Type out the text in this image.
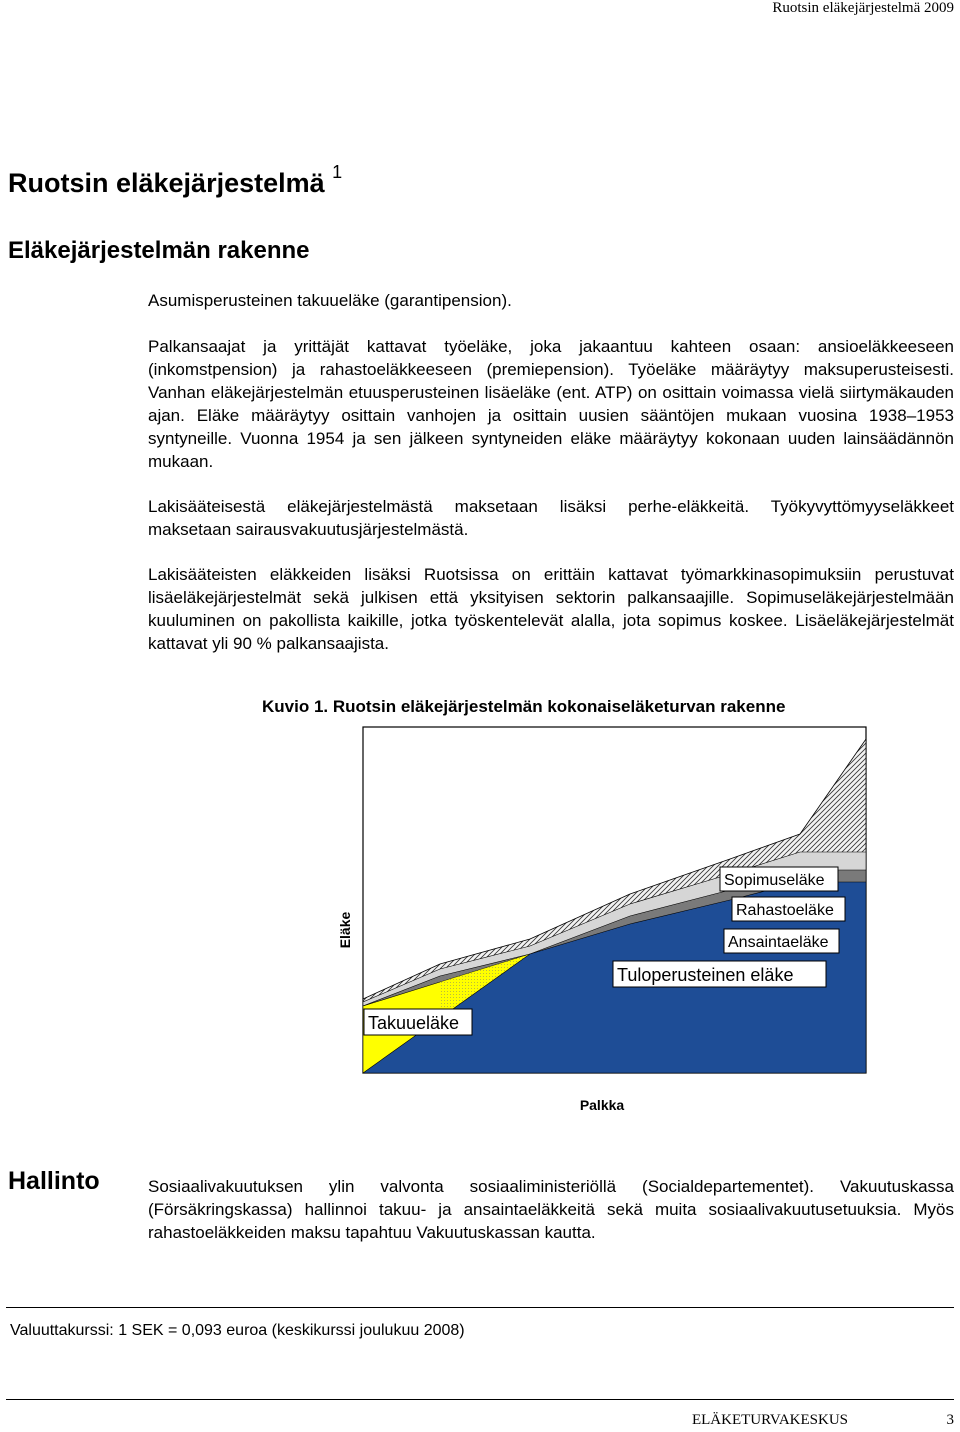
Ruotsin eläkejärjestelmä 2009
Ruotsin eläkejärjestelmä $^1$
Eläkejärjestelmän rakenne

Asumisperusteinen takuueläke (garantipension).

Palkansaajat ja yrittäjät kattavat työeläke, joka jakaantuu kahteen osaan: ansioeläkkeeseen (inkomstpension) ja rahastoeläkkeeseen (premiepension). Työeläke määräytyy maksuperusteisesti. Vanhan eläkejärjestelmän etuusperusteinen lisäeläke (ent. ATP) on osittain voimassa vielä siirtymäkauden ajan. Eläke määräytyy osittain vanhojen ja osittain uusien sääntöjen mukaan vuosina 1938–1953 syntyneille. Vuonna 1954 ja sen jälkeen syntyneiden eläke määräytyy kokonaan uuden lainsäädännön mukaan.

Lakisääteisestä eläkejärjestelmästä maksetaan lisäksi perhe-eläkkeitä. Työkyvyttömyyseläkkeet maksetaan sairausvakuutusjärjestelmästä.

Lakisääteisten eläkkeiden lisäksi Ruotsissa on erittäin kattavat työmarkkinasopimuksiin perustuvat lisäeläkejärjestelmät sekä julkisen että yksityisen sektorin palkansaajille. Sopimuseläkejärjestelmään kuuluminen on pakollista kaikille, jotka työskentelevät alalla, jota sopimus koskee. Lisäeläkejärjestelmät kattavat yli 90 % palkansaajista.

Kuvio 1. Ruotsin eläkejärjestelmän kokonaiseläketurvan rakenne

Eläke
Palkka
Sopimuseläke
Rahastoeläke
Ansaintaeläke
Tuloperusteinen eläke
Takuueläke
Hallinto	Sosiaalivakuutuksen ylin valvonta sosiaaliministeriöllä (Socialdepartementet). Vakuutuskassa (Försäkringskassa) hallinnoi takuu- ja ansaintaeläkkeitä sekä muita sosiaalivakuutusetuuksia. Myös rahastoeläkkeiden maksu tapahtuu Vakuutuskassan kautta.

Valuuttakurssi: 1 SEK = 0,093 euroa (keskikurssi joulukuu 2008)
ELÄKETURVAKESKUS	3
